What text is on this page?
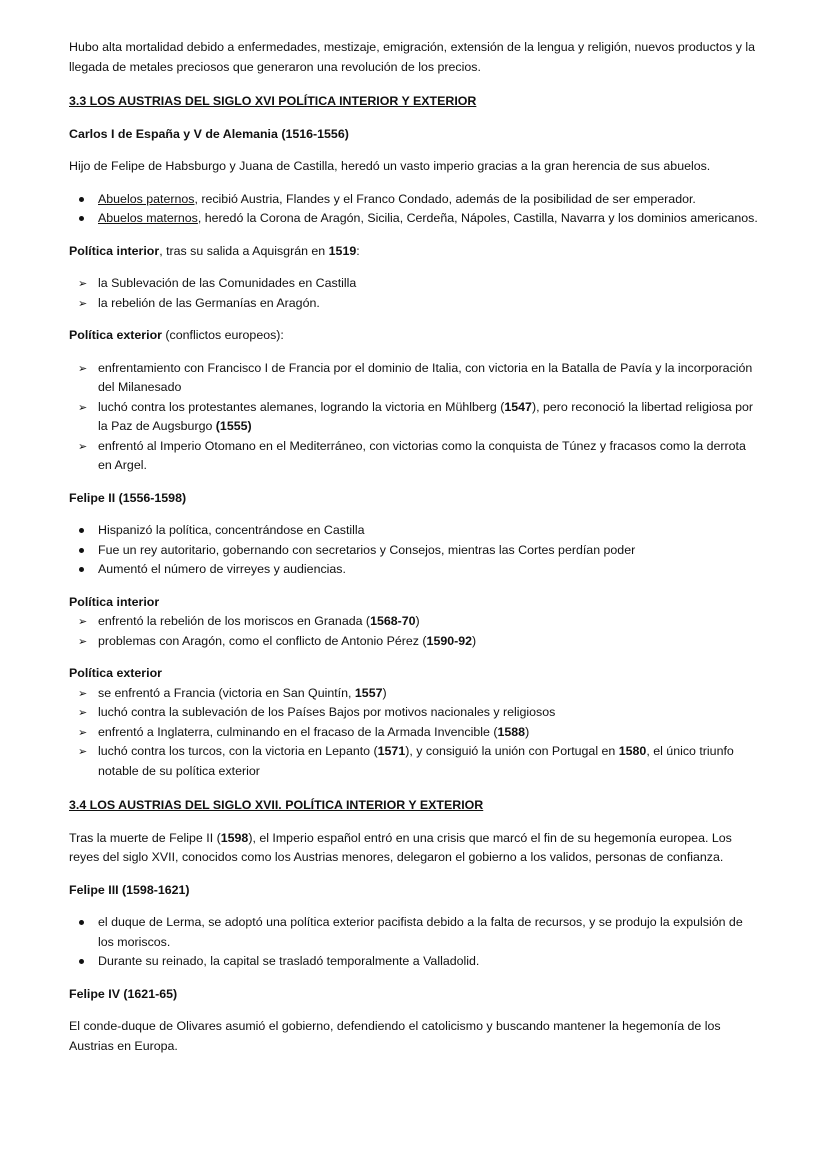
Hubo alta mortalidad debido a enfermedades, mestizaje, emigración, extensión de la lengua y religión, nuevos productos y la llegada de metales preciosos que generaron una revolución de los precios.

3.3 LOS AUSTRIAS DEL SIGLO XVI POLÍTICA INTERIOR Y EXTERIOR

Carlos I de España y V de Alemania (1516-1556)

Hijo de Felipe de Habsburgo y Juana de Castilla, heredó un vasto imperio gracias a la gran herencia de sus abuelos.

Abuelos paternos, recibió Austria, Flandes y el Franco Condado, además de la posibilidad de ser emperador.
Abuelos maternos, heredó la Corona de Aragón, Sicilia, Cerdeña, Nápoles, Castilla, Navarra y los dominios americanos.

Política interior, tras su salida a Aquisgrán en 1519:

la Sublevación de las Comunidades en Castilla
la rebelión de las Germanías en Aragón.

Política exterior (conflictos europeos):

enfrentamiento con Francisco I de Francia por el dominio de Italia, con victoria en la Batalla de Pavía y la incorporación del Milanesado
luchó contra los protestantes alemanes, logrando la victoria en Mühlberg (1547), pero reconoció la libertad religiosa por la Paz de Augsburgo (1555)
enfrentó al Imperio Otomano en el Mediterráneo, con victorias como la conquista de Túnez y fracasos como la derrota en Argel.

Felipe II (1556-1598)

Hispanizó la política, concentrándose en Castilla
Fue un rey autoritario, gobernando con secretarios y Consejos, mientras las Cortes perdían poder
Aumentó el número de virreyes y audiencias.

Política interior

enfrentó la rebelión de los moriscos en Granada (1568-70)
problemas con Aragón, como el conflicto de Antonio Pérez (1590-92)

Política exterior

se enfrentó a Francia (victoria en San Quintín, 1557)
luchó contra la sublevación de los Países Bajos por motivos nacionales y religiosos
enfrentó a Inglaterra, culminando en el fracaso de la Armada Invencible (1588)
luchó contra los turcos, con la victoria en Lepanto (1571), y consiguió la unión con Portugal en 1580, el único triunfo notable de su política exterior

3.4 LOS AUSTRIAS DEL SIGLO XVII. POLÍTICA INTERIOR Y EXTERIOR

Tras la muerte de Felipe II (1598), el Imperio español entró en una crisis que marcó el fin de su hegemonía europea. Los reyes del siglo XVII, conocidos como los Austrias menores, delegaron el gobierno a los validos, personas de confianza.

Felipe III (1598-1621)

el duque de Lerma, se adoptó una política exterior pacifista debido a la falta de recursos, y se produjo la expulsión de los moriscos.
Durante su reinado, la capital se trasladó temporalmente a Valladolid.

Felipe IV (1621-65)

El conde-duque de Olivares asumió el gobierno, defendiendo el catolicismo y buscando mantener la hegemonía de los Austrias en Europa.
